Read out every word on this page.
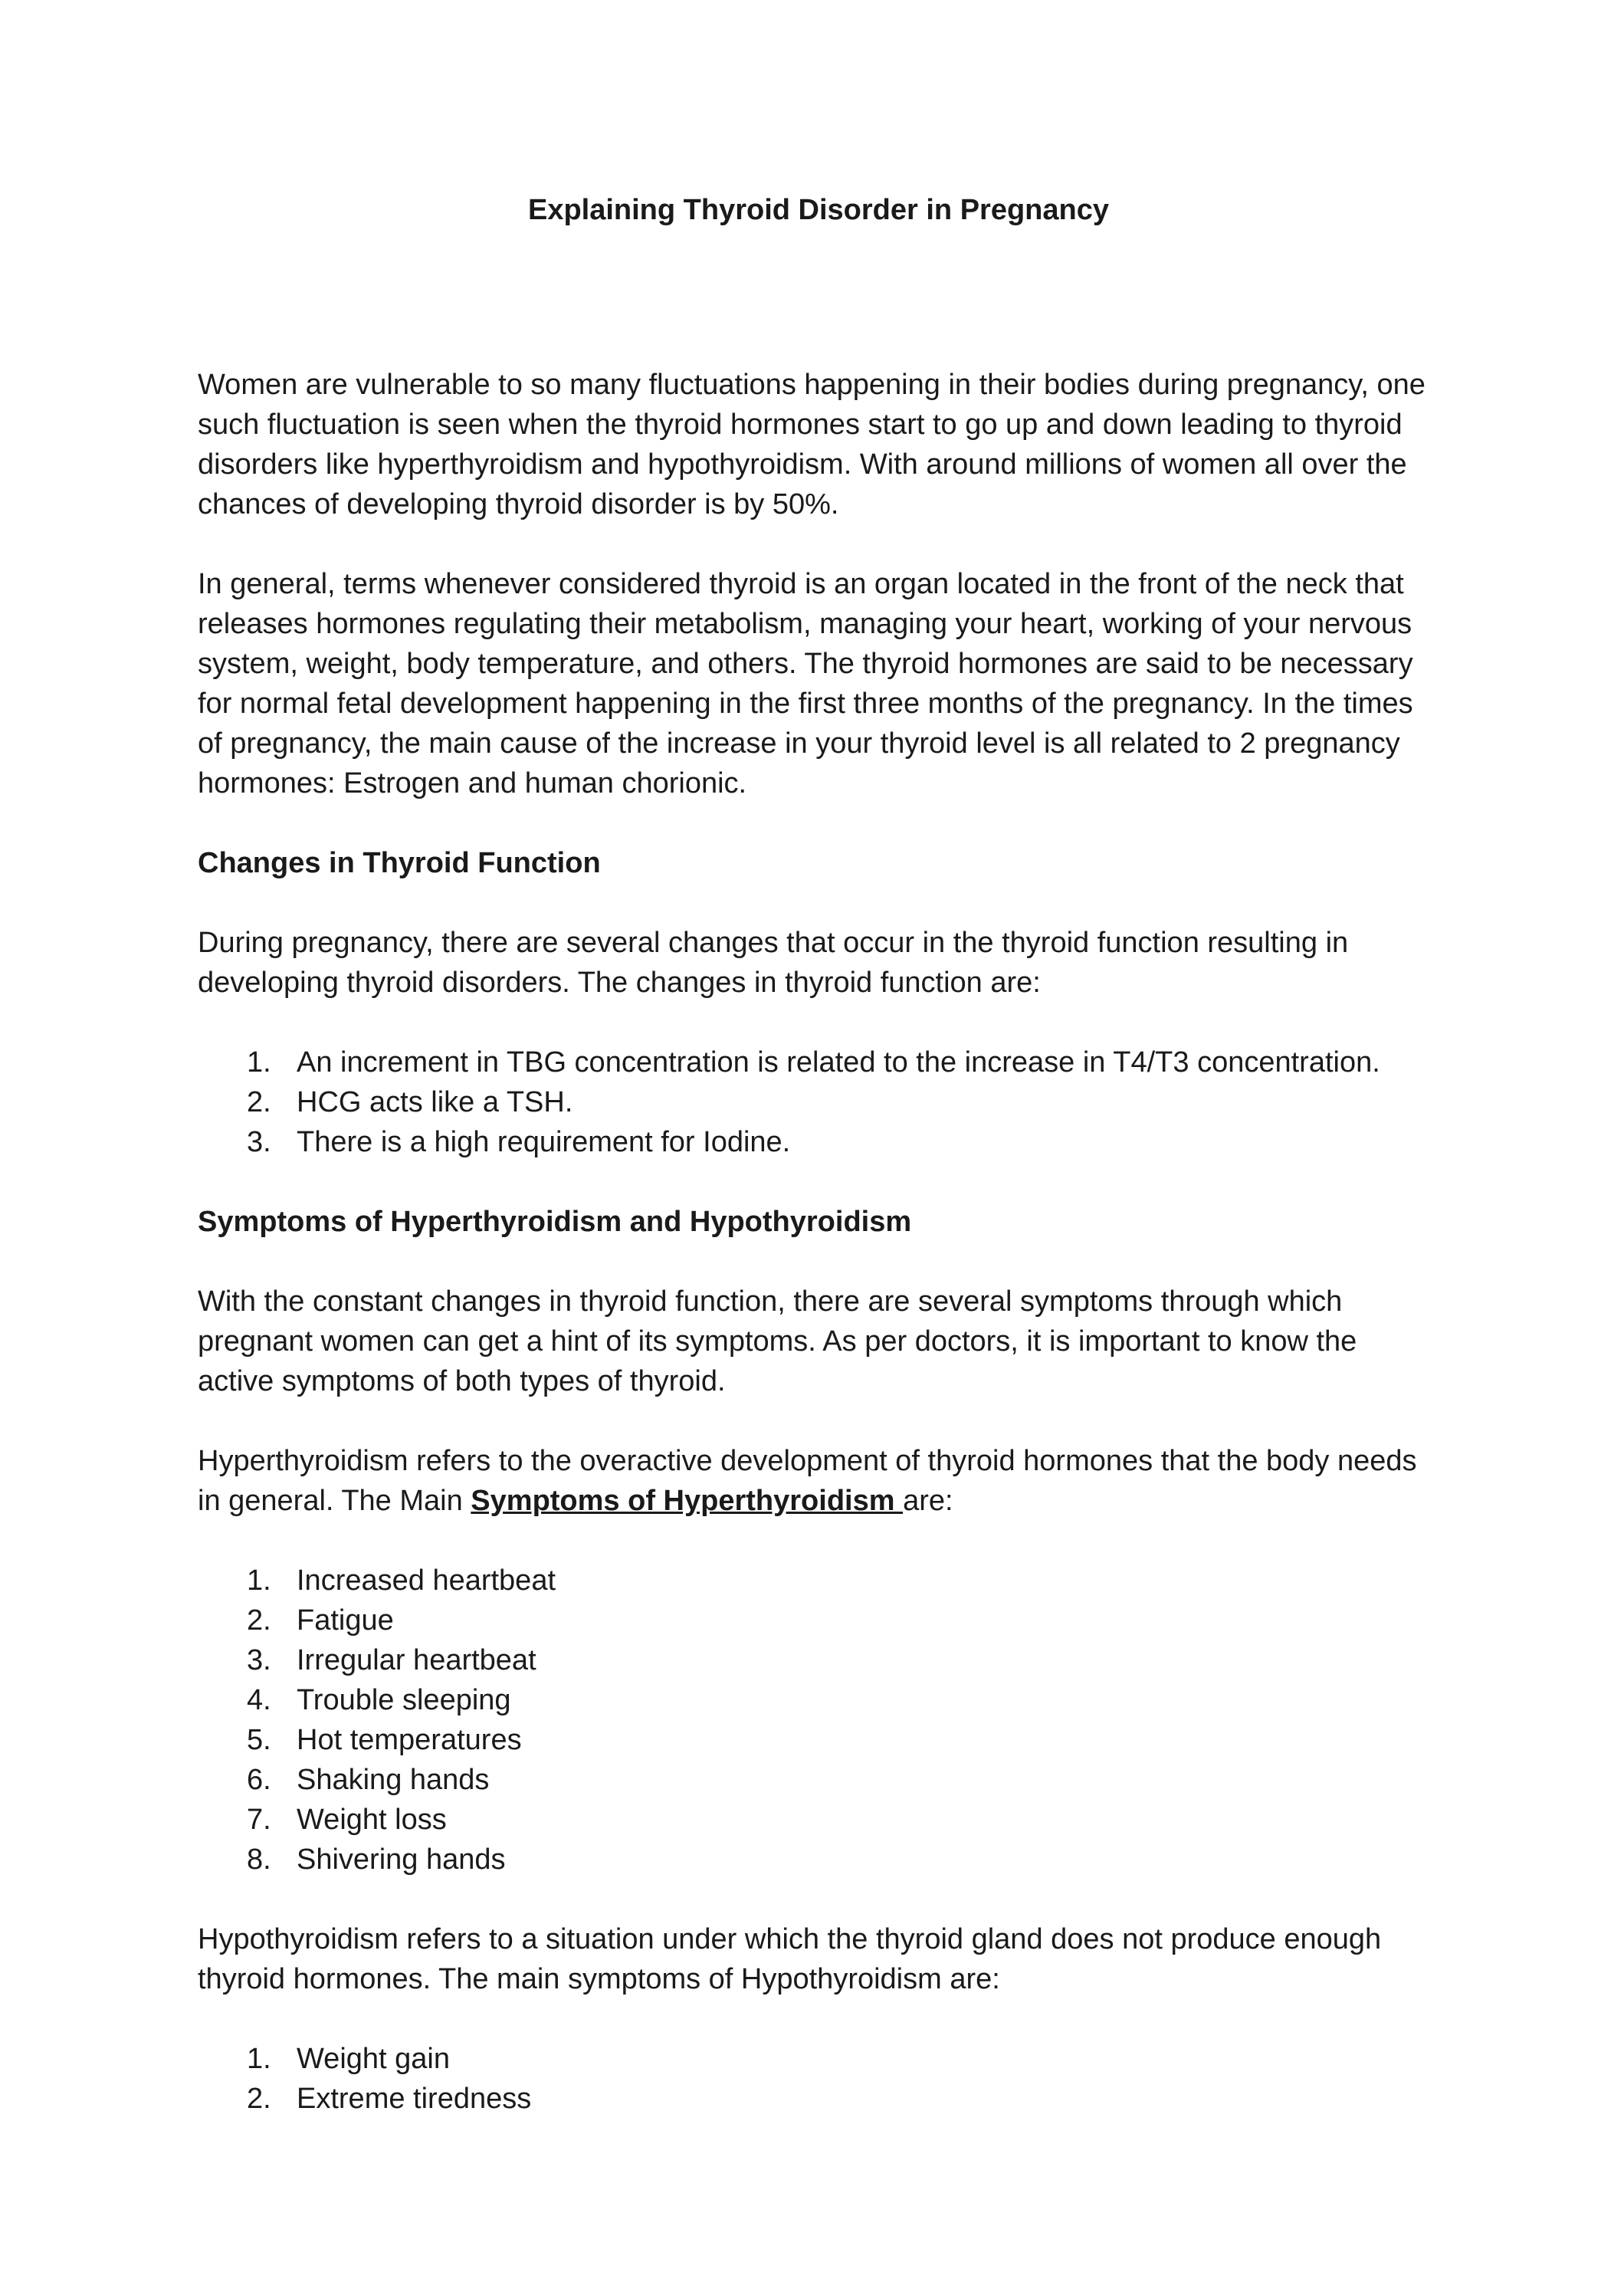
Explaining Thyroid Disorder in Pregnancy

Women are vulnerable to so many fluctuations happening in their bodies during pregnancy, one such fluctuation is seen when the thyroid hormones start to go up and down leading to thyroid disorders like hyperthyroidism and hypothyroidism. With around millions of women all over the chances of developing thyroid disorder is by 50%.

In general, terms whenever considered thyroid is an organ located in the front of the neck that releases hormones regulating their metabolism, managing your heart, working of your nervous system, weight, body temperature, and others. The thyroid hormones are said to be necessary for normal fetal development happening in the first three months of the pregnancy. In the times of pregnancy, the main cause of the increase in your thyroid level is all related to 2 pregnancy hormones: Estrogen and human chorionic.

Changes in Thyroid Function

During pregnancy, there are several changes that occur in the thyroid function resulting in developing thyroid disorders. The changes in thyroid function are:

1. An increment in TBG concentration is related to the increase in T4/T3 concentration.
2. HCG acts like a TSH.
3. There is a high requirement for Iodine.
Symptoms of Hyperthyroidism and Hypothyroidism

With the constant changes in thyroid function, there are several symptoms through which pregnant women can get a hint of its symptoms. As per doctors, it is important to know the active symptoms of both types of thyroid.

Hyperthyroidism refers to the overactive development of thyroid hormones that the body needs in general. The Main Symptoms of Hyperthyroidism are:

1. Increased heartbeat
2. Fatigue
3. Irregular heartbeat
4. Trouble sleeping
5. Hot temperatures
6. Shaking hands
7. Weight loss
8. Shivering hands

Hypothyroidism refers to a situation under which the thyroid gland does not produce enough thyroid hormones. The main symptoms of Hypothyroidism are:

1. Weight gain
2. Extreme tiredness
